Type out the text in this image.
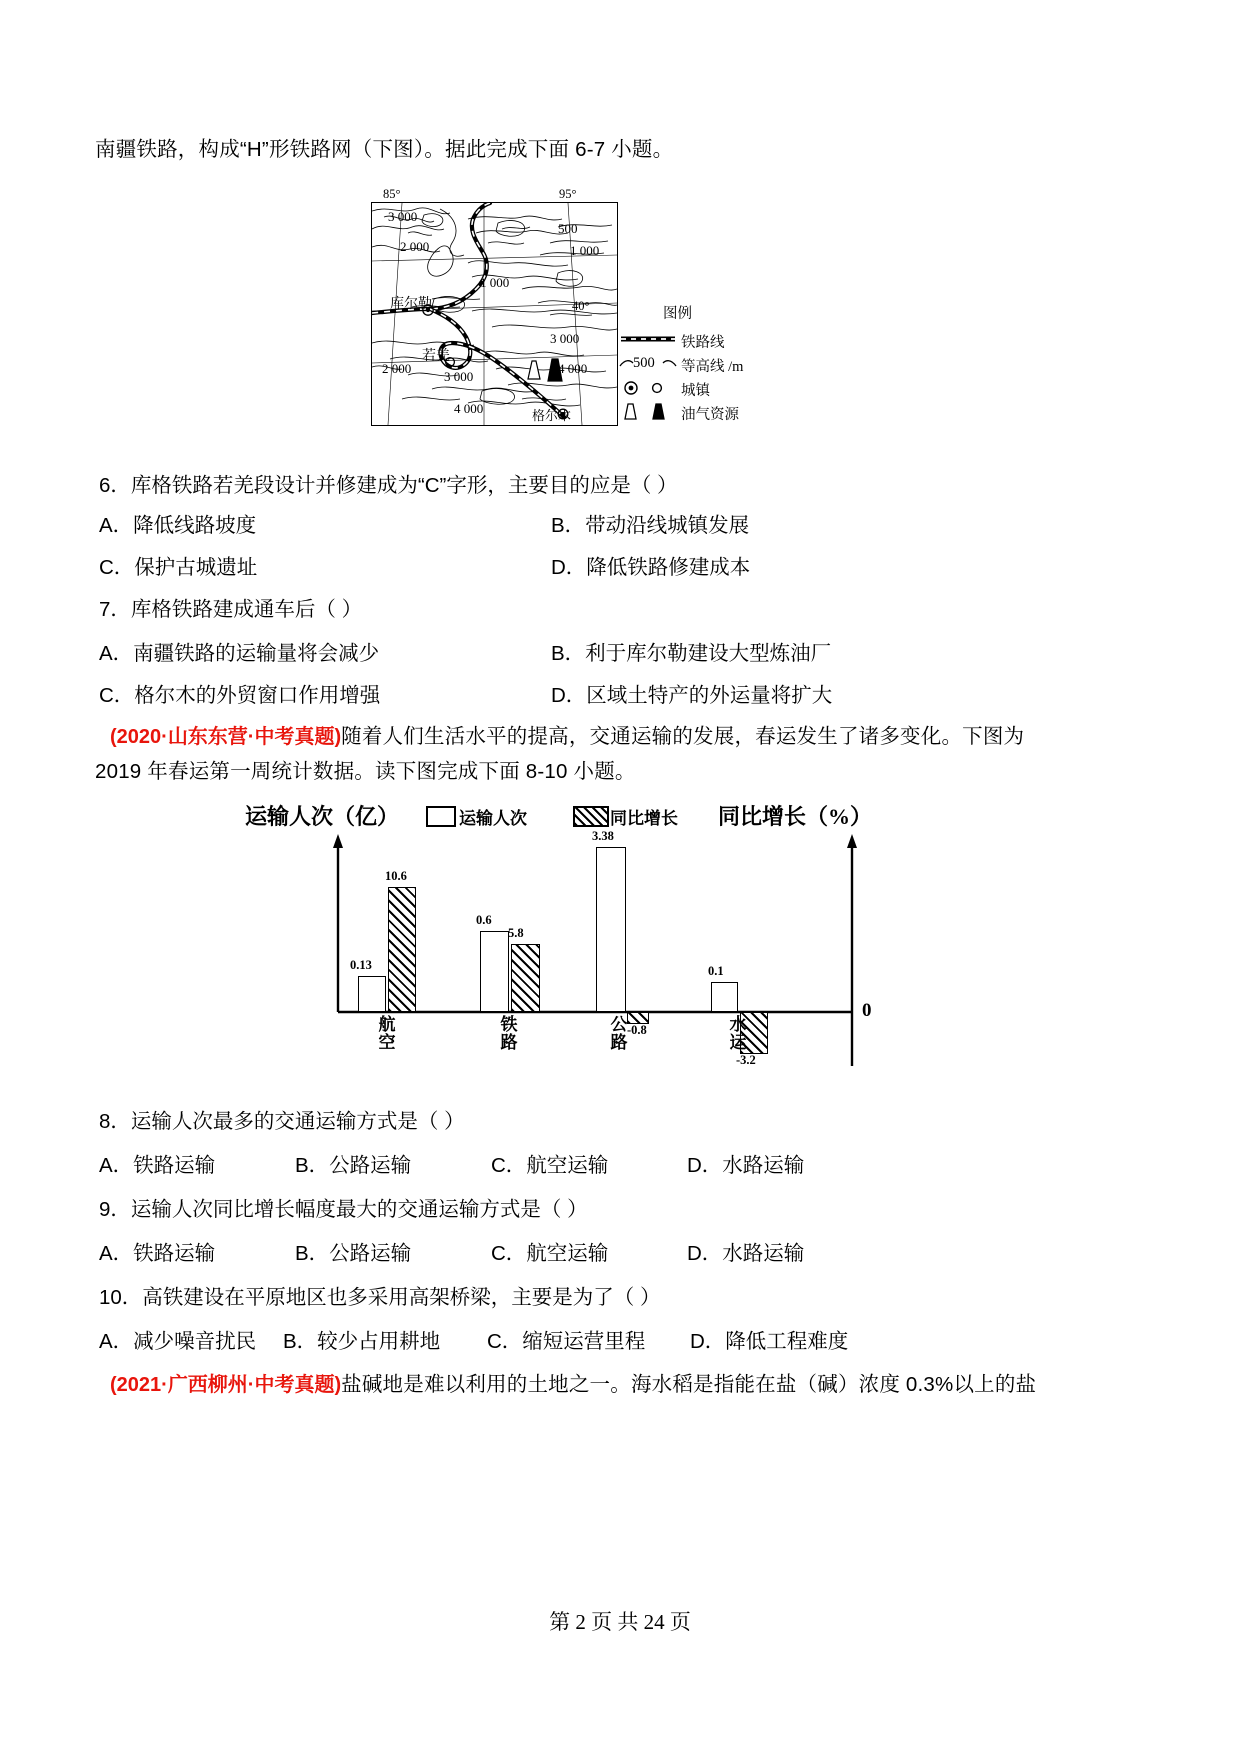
南疆铁路，构成“H”形铁路网（下图）。据此完成下面 6-7 小题。
85°	95°
3 000
2 000
1 000
500
1 000
2 000
3 000
3 000
4 000
4 000
库尔勒
若羌
格尔木
40°	图例
铁路线
500 等高线 /m
城镇
油气资源
6．库格铁路若羌段设计并修建成为“C”字形，主要目的应是（ ）
A．降低线路坡度	B．带动沿线城镇发展
C．保护古城遗址	D．降低铁路修建成本
7．库格铁路建成通车后（ ）
A．南疆铁路的运输量将会减少	B．利于库尔勒建设大型炼油厂
C．格尔木的外贸窗口作用增强	D．区域土特产的外运量将扩大
(2020·山东东营·中考真题)随着人们生活水平的提高，交通运输的发展，春运发生了诸多变化。下图为
2019 年春运第一周统计数据。读下图完成下面 8-10 小题。
运输人次（亿）	运输人次	同比增长 同比增长（%）
0
0.13
10.6
航
空
0.6
5.8
铁
路
3.38
-0.8
公
路
0.1
-3.2
水
运
8．运输人次最多的交通运输方式是（ ）
A．铁路运输	B．公路运输	C．航空运输	D．水路运输
9．运输人次同比增长幅度最大的交通运输方式是（ ）
A．铁路运输	B．公路运输	C．航空运输	D．水路运输
10．高铁建设在平原地区也多采用高架桥梁，主要是为了（ ）
A．减少噪音扰民 B．较少占用耕地 C．缩短运营里程 D．降低工程难度
(2021·广西柳州·中考真题)盐碱地是难以利用的土地之一。海水稻是指能在盐（碱）浓度 0.3%以上的盐
第 2 页 共 24 页
